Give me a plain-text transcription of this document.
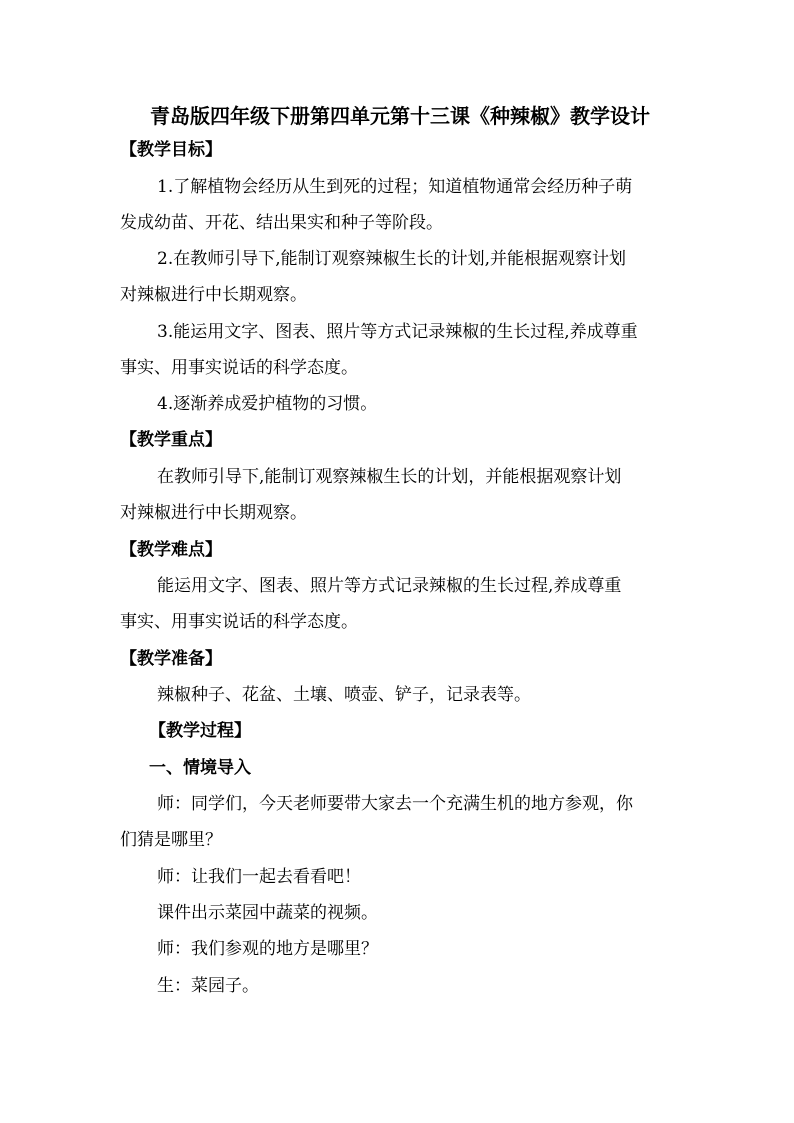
青岛版四年级下册第四单元第十三课《种辣椒》教学设计
【教学目标】
1.了解植物会经历从生到死的过程；知道植物通常会经历种子萌
发成幼苗、开花、结出果实和种子等阶段。
2.在教师引导下,能制订观察辣椒生长的计划,并能根据观察计划
对辣椒进行中长期观察。
3.能运用文字、图表、照片等方式记录辣椒的生长过程,养成尊重
事实、用事实说话的科学态度。
4.逐渐养成爱护植物的习惯。
【教学重点】
在教师引导下,能制订观察辣椒生长的计划，并能根据观察计划
对辣椒进行中长期观察。
【教学难点】
能运用文字、图表、照片等方式记录辣椒的生长过程,养成尊重
事实、用事实说话的科学态度。
【教学准备】
辣椒种子、花盆、土壤、喷壶、铲子，记录表等。
【教学过程】
一、情境导入
师：同学们，今天老师要带大家去一个充满生机的地方参观，你
们猜是哪里？
师：让我们一起去看看吧！
课件出示菜园中蔬菜的视频。
师：我们参观的地方是哪里？
生：菜园子。
